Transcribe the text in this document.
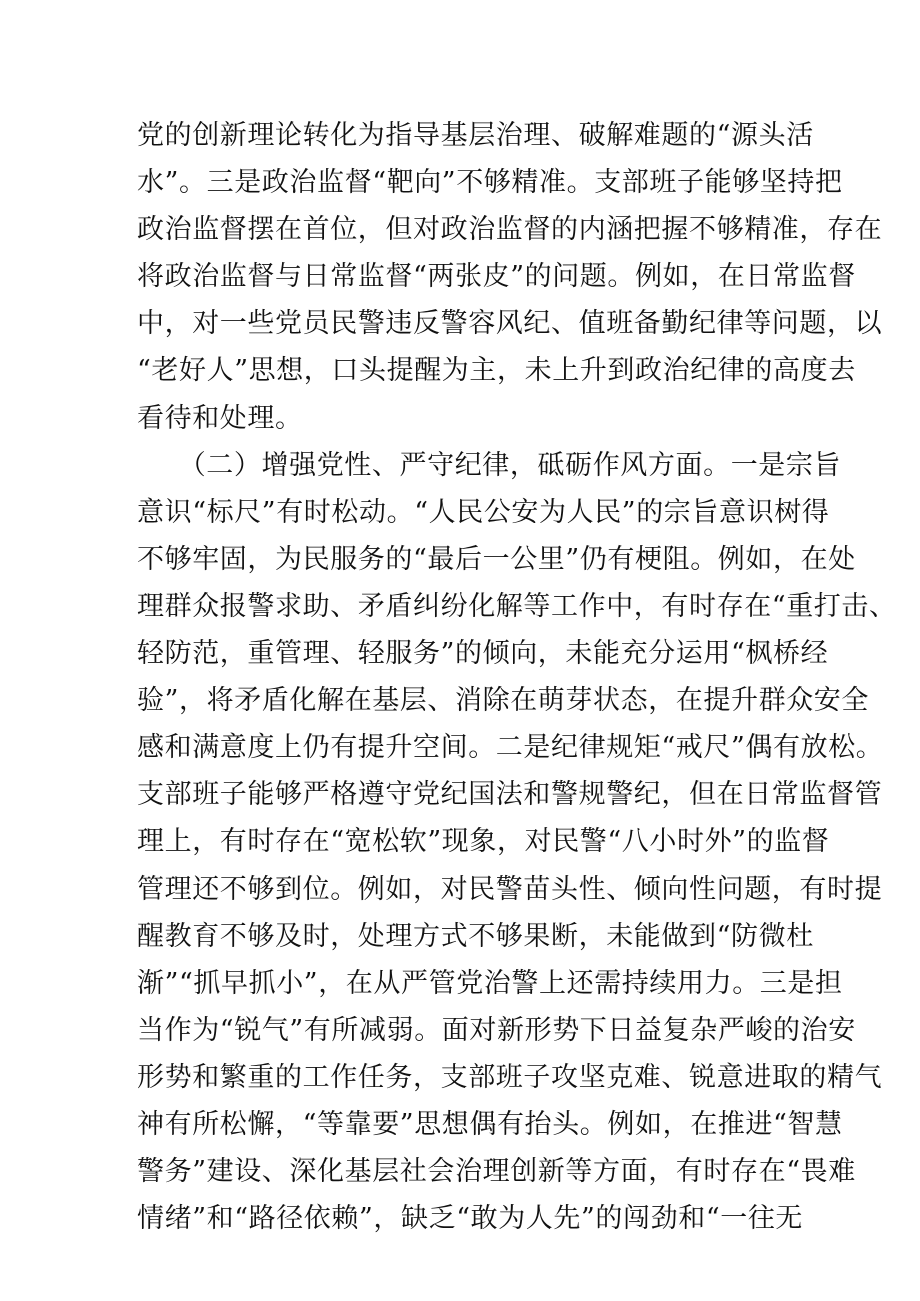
党的创新理论转化为指导基层治理、破解难题的“源头活
水”。三是政治监督“靶向”不够精准。支部班子能够坚持把
政治监督摆在首位，但对政治监督的内涵把握不够精准，存在
将政治监督与日常监督“两张皮”的问题。例如，在日常监督
中，对一些党员民警违反警容风纪、值班备勤纪律等问题，以
“老好人”思想，口头提醒为主，未上升到政治纪律的高度去
看待和处理。
　　（二）增强党性、严守纪律，砥砺作风方面。一是宗旨
意识“标尺”有时松动。“人民公安为人民”的宗旨意识树得
不够牢固，为民服务的“最后一公里”仍有梗阻。例如，在处
理群众报警求助、矛盾纠纷化解等工作中，有时存在“重打击、
轻防范，重管理、轻服务”的倾向，未能充分运用“枫桥经
验”，将矛盾化解在基层、消除在萌芽状态，在提升群众安全
感和满意度上仍有提升空间。二是纪律规矩“戒尺”偶有放松。
支部班子能够严格遵守党纪国法和警规警纪，但在日常监督管
理上，有时存在“宽松软”现象，对民警“八小时外”的监督
管理还不够到位。例如，对民警苗头性、倾向性问题，有时提
醒教育不够及时，处理方式不够果断，未能做到“防微杜
渐”“抓早抓小”，在从严管党治警上还需持续用力。三是担
当作为“锐气”有所减弱。面对新形势下日益复杂严峻的治安
形势和繁重的工作任务，支部班子攻坚克难、锐意进取的精气
神有所松懈，“等靠要”思想偶有抬头。例如，在推进“智慧
警务”建设、深化基层社会治理创新等方面，有时存在“畏难
情绪”和“路径依赖”，缺乏“敢为人先”的闯劲和“一往无
